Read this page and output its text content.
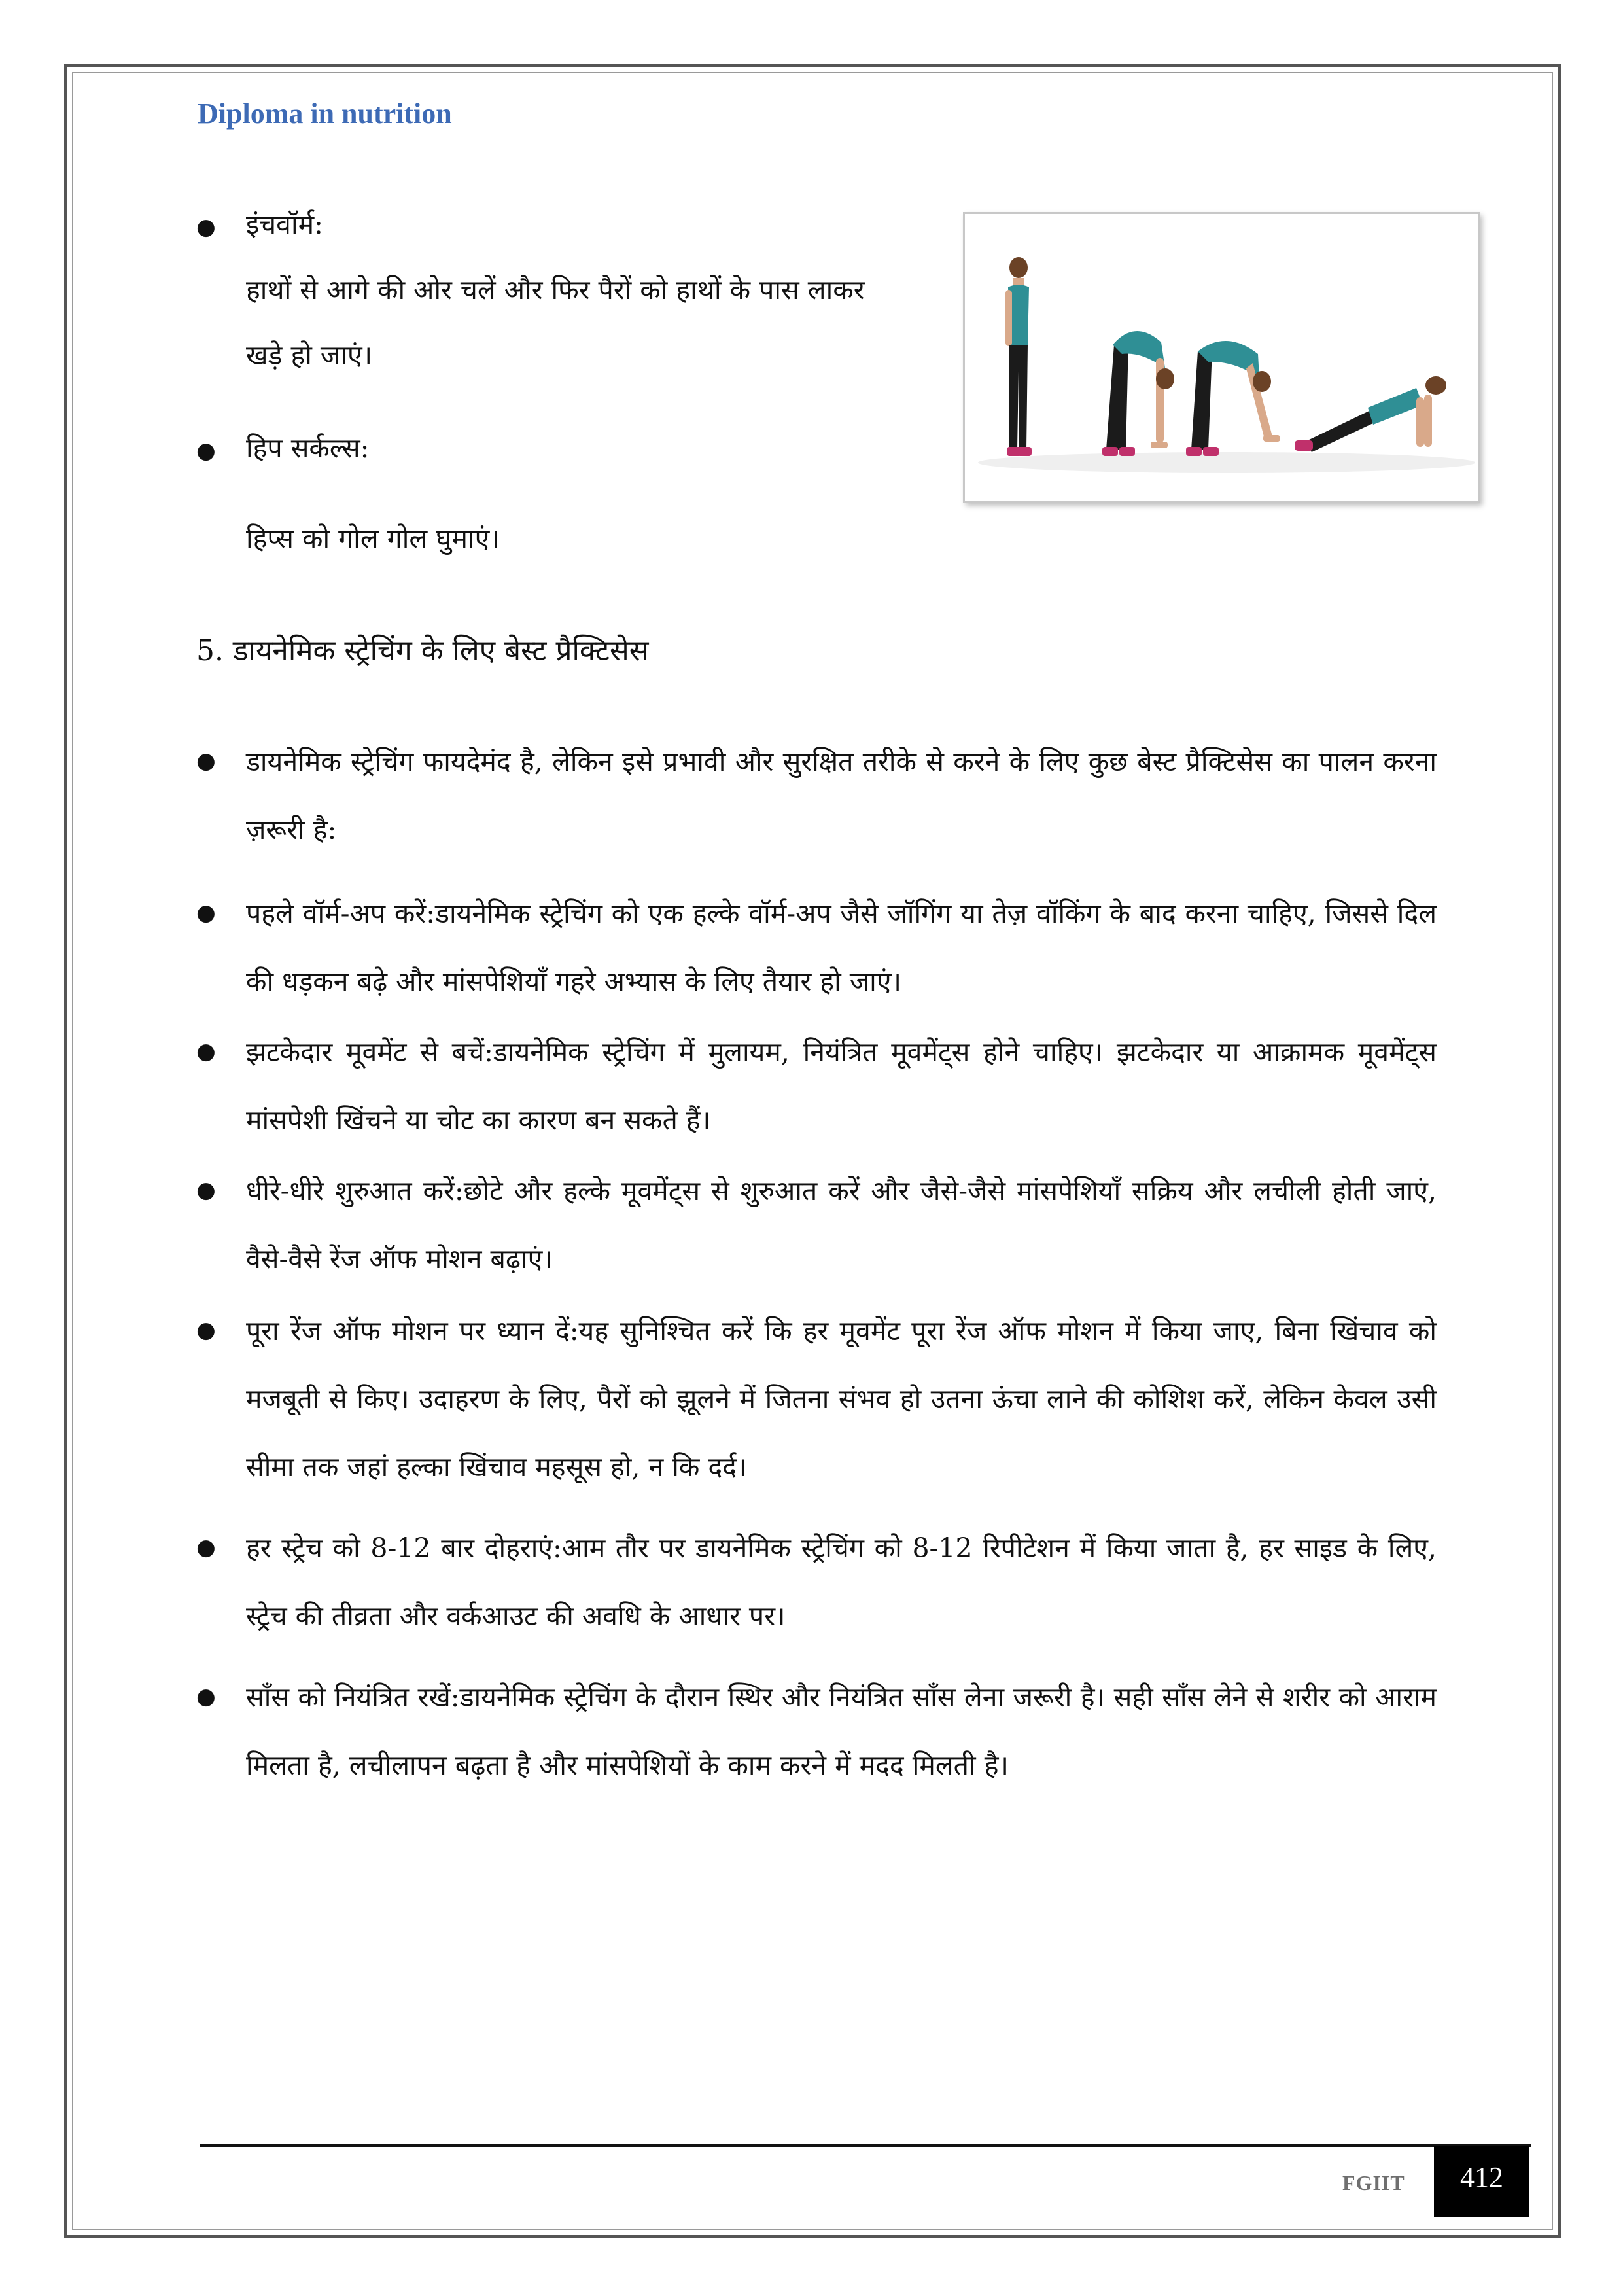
Diploma in nutrition
● इंचवॉर्म:
हाथों से आगे की ओर चलें और फिर पैरों को हाथों के पास लाकर
खड़े हो जाएं।
● हिप सर्कल्स:
हिप्स को गोल गोल घुमाएं।
5. डायनेमिक स्ट्रेचिंग के लिए बेस्ट प्रैक्टिसेस
● डायनेमिक स्ट्रेचिंग फायदेमंद है, लेकिन इसे प्रभावी और सुरक्षित तरीके से करने के लिए कुछ बेस्ट प्रैक्टिसेस का पालन करना ज़रूरी है:
● पहले वॉर्म-अप करें:डायनेमिक स्ट्रेचिंग को एक हल्के वॉर्म-अप जैसे जॉगिंग या तेज़ वॉकिंग के बाद करना चाहिए, जिससे दिल की धड़कन बढ़े और मांसपेशियाँ गहरे अभ्यास के लिए तैयार हो जाएं।
● झटकेदार मूवमेंट से बचें:डायनेमिक स्ट्रेचिंग में मुलायम, नियंत्रित मूवमेंट्स होने चाहिए। झटकेदार या आक्रामक मूवमेंट्स मांसपेशी खिंचने या चोट का कारण बन सकते हैं।
● धीरे-धीरे शुरुआत करें:छोटे और हल्के मूवमेंट्स से शुरुआत करें और जैसे-जैसे मांसपेशियाँ सक्रिय और लचीली होती जाएं, वैसे-वैसे रेंज ऑफ मोशन बढ़ाएं।
● पूरा रेंज ऑफ मोशन पर ध्यान दें:यह सुनिश्चित करें कि हर मूवमेंट पूरा रेंज ऑफ मोशन में किया जाए, बिना खिंचाव को मजबूती से किए। उदाहरण के लिए, पैरों को झूलने में जितना संभव हो उतना ऊंचा लाने की कोशिश करें, लेकिन केवल उसी सीमा तक जहां हल्का खिंचाव महसूस हो, न कि दर्द।
● हर स्ट्रेच को 8-12 बार दोहराएं:आम तौर पर डायनेमिक स्ट्रेचिंग को 8-12 रिपीटेशन में किया जाता है, हर साइड के लिए, स्ट्रेच की तीव्रता और वर्कआउट की अवधि के आधार पर।
● साँस को नियंत्रित रखें:डायनेमिक स्ट्रेचिंग के दौरान स्थिर और नियंत्रित साँस लेना जरूरी है। सही साँस लेने से शरीर को आराम मिलता है, लचीलापन बढ़ता है और मांसपेशियों के काम करने में मदद मिलती है।
FGIIT 412
